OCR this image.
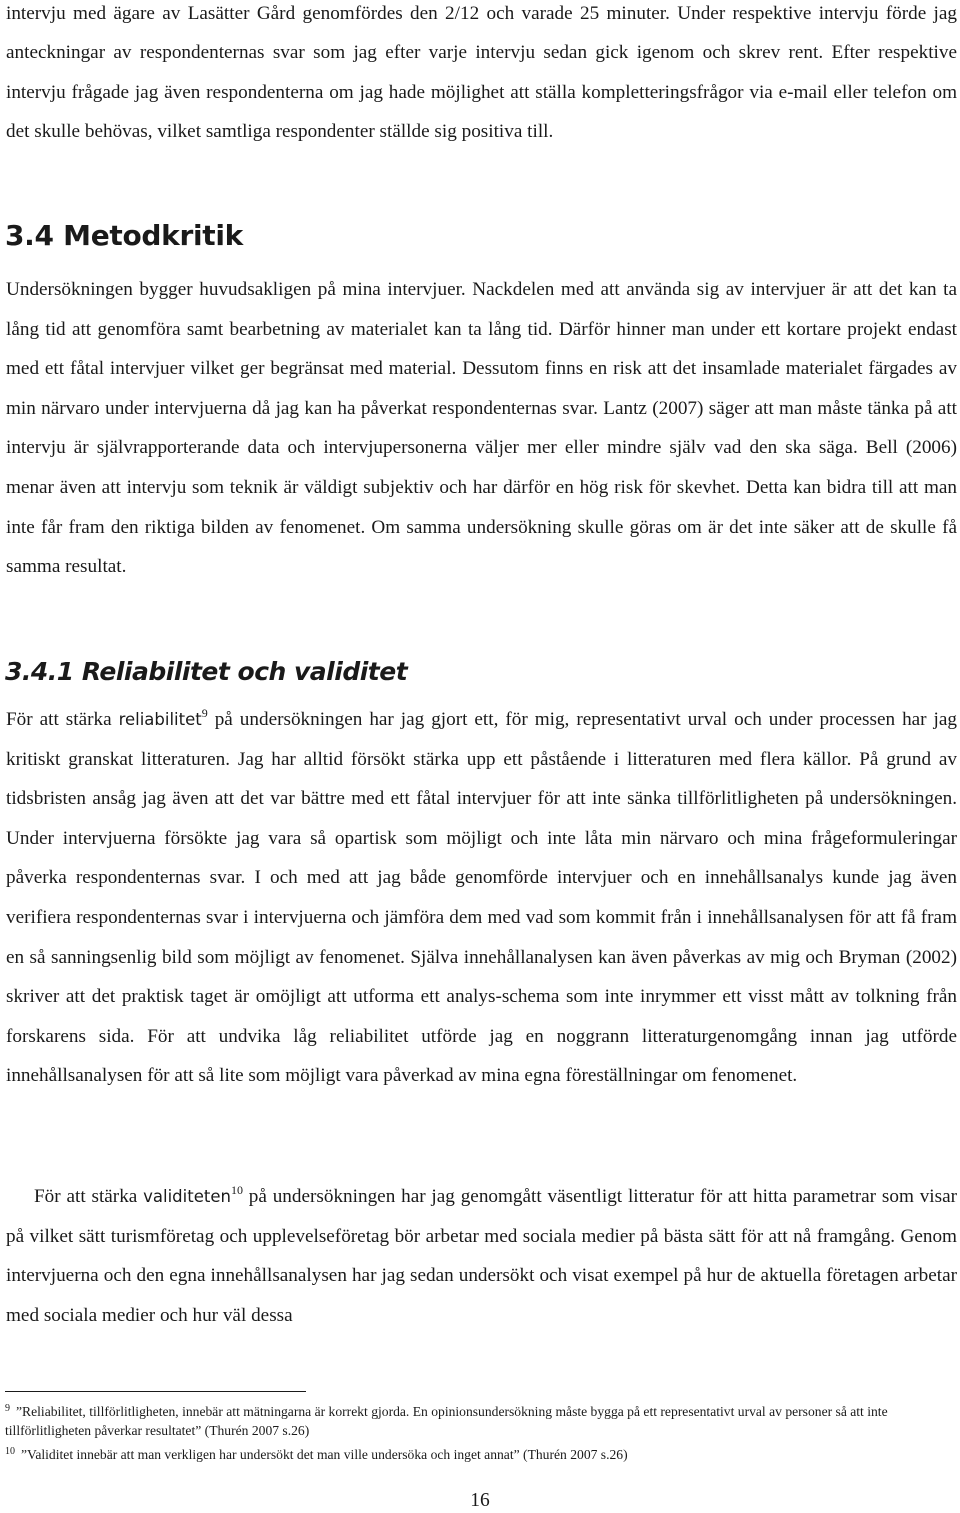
intervju med ägare av Lasätter Gård genomfördes den 2/12 och varade 25 minuter. Under respektive intervju förde jag anteckningar av respondenternas svar som jag efter varje intervju sedan gick igenom och skrev rent. Efter respektive intervju frågade jag även respondenterna om jag hade möjlighet att ställa kompletteringsfrågor via e-mail eller telefon om det skulle behövas, vilket samtliga respondenter ställde sig positiva till.

3.4 Metodkritik

Undersökningen bygger huvudsakligen på mina intervjuer. Nackdelen med att använda sig av intervjuer är att det kan ta lång tid att genomföra samt bearbetning av materialet kan ta lång tid. Därför hinner man under ett kortare projekt endast med ett fåtal intervjuer vilket ger begränsat med material. Dessutom finns en risk att det insamlade materialet färgades av min närvaro under intervjuerna då jag kan ha påverkat respondenternas svar. Lantz (2007) säger att man måste tänka på att intervju är självrapporterande data och intervjupersonerna väljer mer eller mindre själv vad den ska säga. Bell (2006) menar även att intervju som teknik är väldigt subjektiv och har därför en hög risk för skevhet. Detta kan bidra till att man inte får fram den riktiga bilden av fenomenet. Om samma undersökning skulle göras om är det inte säker att de skulle få samma resultat.

3.4.1 Reliabilitet och validitet

För att stärka reliabilitet$^9$ på undersökningen har jag gjort ett, för mig, representativt urval och under processen har jag kritiskt granskat litteraturen. Jag har alltid försökt stärka upp ett påstående i litteraturen med flera källor. På grund av tidsbristen ansåg jag även att det var bättre med ett fåtal intervjuer för att inte sänka tillförlitligheten på undersökningen. Under intervjuerna försökte jag vara så opartisk som möjligt och inte låta min närvaro och mina frågeformuleringar påverka respondenternas svar. I och med att jag både genomförde intervjuer och en innehållsanalys kunde jag även verifiera respondenternas svar i intervjuerna och jämföra dem med vad som kommit från i innehållsanalysen för att få fram en så sanningsenlig bild som möjligt av fenomenet. Själva innehållanalysen kan även påverkas av mig och Bryman (2002) skriver att det praktisk taget är omöjligt att utforma ett analys-schema som inte inrymmer ett visst mått av tolkning från forskarens sida. För att undvika låg reliabilitet utförde jag en noggrann litteraturgenomgång innan jag utförde innehållsanalysen för att så lite som möjligt vara påverkad av mina egna föreställningar om fenomenet.

För att stärka validiteten$^{10}$ på undersökningen har jag genomgått väsentligt litteratur för att hitta parametrar som visar på vilket sätt turismföretag och upplevelseföretag bör arbetar med sociala medier på bästa sätt för att nå framgång. Genom intervjuerna och den egna innehållsanalysen har jag sedan undersökt och visat exempel på hur de aktuella företagen arbetar med sociala medier och hur väl dessa

$^9$ ”Reliabilitet, tillförlitligheten, innebär att mätningarna är korrekt gjorda. En opinionsundersökning måste bygga på ett representativt urval av personer så att inte tillförlitligheten påverkar resultatet” (Thurén 2007 s.26)
$^{10}$ ”Validitet innebär att man verkligen har undersökt det man ville undersöka och inget annat” (Thurén 2007 s.26)
16
